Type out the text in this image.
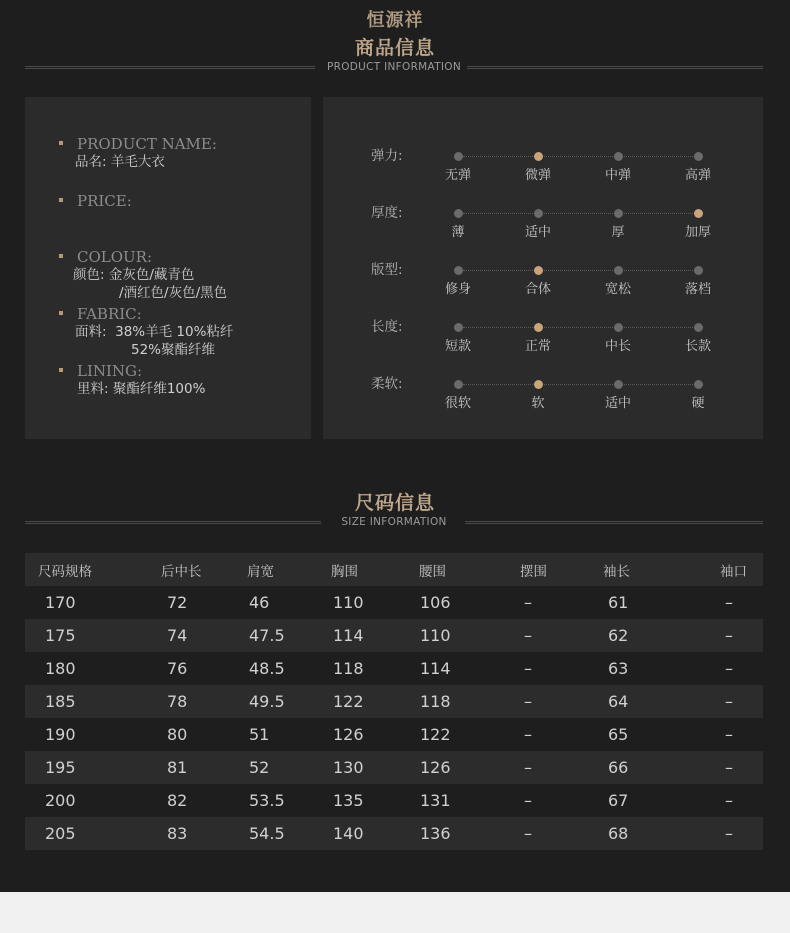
恒源祥
商品信息
PRODUCT INFORMATION
PRODUCT NAME:
品名: 羊毛大衣
PRICE:
COLOUR:
颜色: 金灰色/藏青色
/酒红色/灰色/黑色
FABRIC:
面料:  38%羊毛 10%粘纤
52%聚酯纤维
LINING:
里料: 聚酯纤维100%
弹力:
无弹	微弹	中弹	高弹
厚度:
薄	适中	厚	加厚
版型:
修身	合体	宽松	落档
长度:
短款	正常	中长	长款
柔软:
很软	软	适中	硬
尺码信息
SIZE INFORMATION
尺码规格	后中长	肩宽	胸围	腰围	摆围	袖长	袖口
170	72	46	110	106	–	61	–
175	74	47.5	114	110	–	62	–
180	76	48.5	118	114	–	63	–
185	78	49.5	122	118	–	64	–
190	80	51	126	122	–	65	–
195	81	52	130	126	–	66	–
200	82	53.5	135	131	–	67	–
205	83	54.5	140	136	–	68	–
